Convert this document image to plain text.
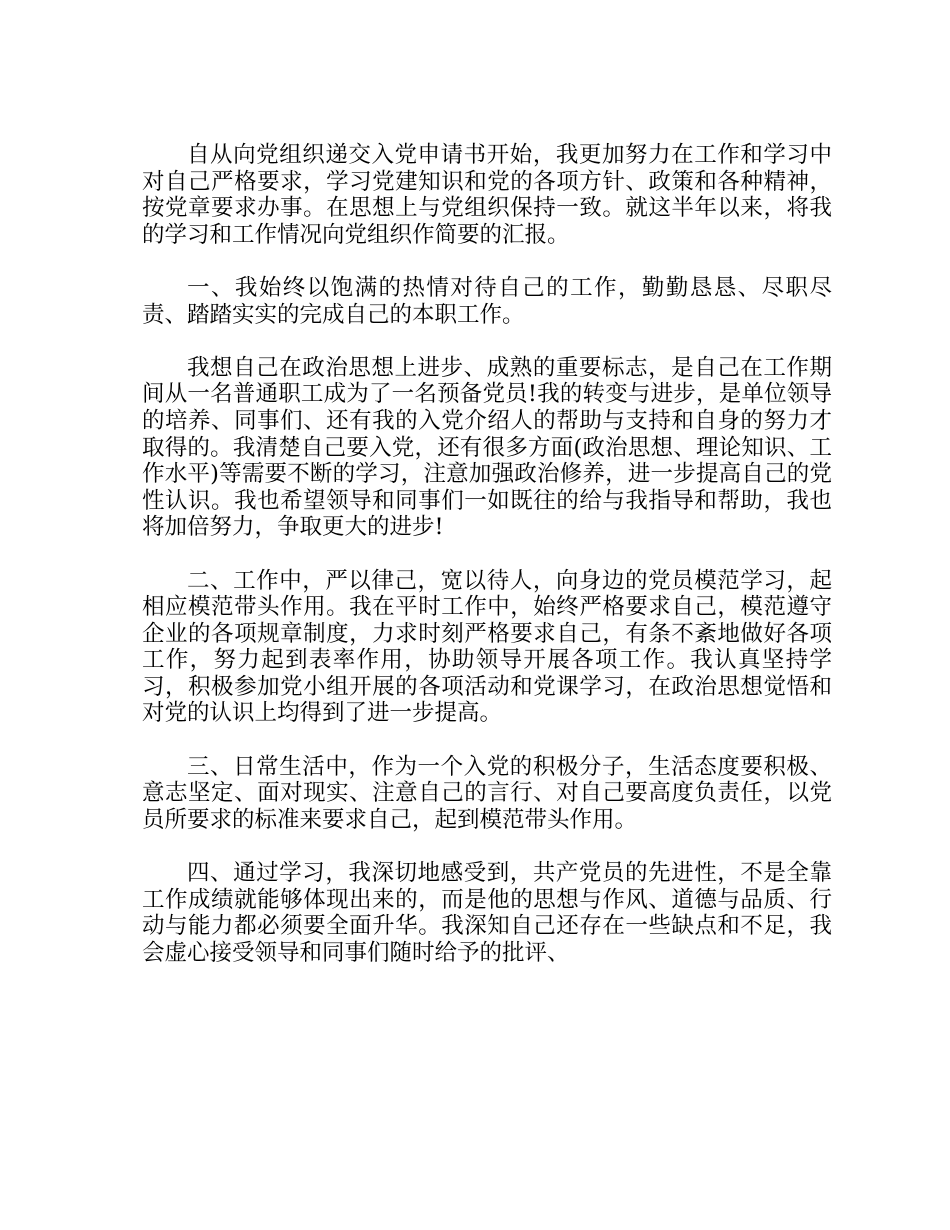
自从向党组织递交入党申请书开始，我更加努力在工作和学习中对自己严格要求，学习党建知识和党的各项方针、政策和各种精神，按党章要求办事。在思想上与党组织保持一致。就这半年以来，将我的学习和工作情况向党组织作简要的汇报。

一、我始终以饱满的热情对待自己的工作，勤勤恳恳、尽职尽责、踏踏实实的完成自己的本职工作。

我想自己在政治思想上进步、成熟的重要标志，是自己在工作期间从一名普通职工成为了一名预备党员!我的转变与进步，是单位领导的培养、同事们、还有我的入党介绍人的帮助与支持和自身的努力才取得的。我清楚自己要入党，还有很多方面(政治思想、理论知识、工作水平)等需要不断的学习，注意加强政治修养，进一步提高自己的党性认识。我也希望领导和同事们一如既往的给与我指导和帮助，我也将加倍努力，争取更大的进步!

二、工作中，严以律己，宽以待人，向身边的党员模范学习，起相应模范带头作用。我在平时工作中，始终严格要求自己，模范遵守企业的各项规章制度，力求时刻严格要求自己，有条不紊地做好各项工作，努力起到表率作用，协助领导开展各项工作。我认真坚持学习，积极参加党小组开展的各项活动和党课学习，在政治思想觉悟和对党的认识上均得到了进一步提高。

三、日常生活中，作为一个入党的积极分子，生活态度要积极、意志坚定、面对现实、注意自己的言行、对自己要高度负责任，以党员所要求的标准来要求自己，起到模范带头作用。

四、通过学习，我深切地感受到，共产党员的先进性，不是全靠工作成绩就能够体现出来的，而是他的思想与作风、道德与品质、行动与能力都必须要全面升华。我深知自己还存在一些缺点和不足，我会虚心接受领导和同事们随时给予的批评、
